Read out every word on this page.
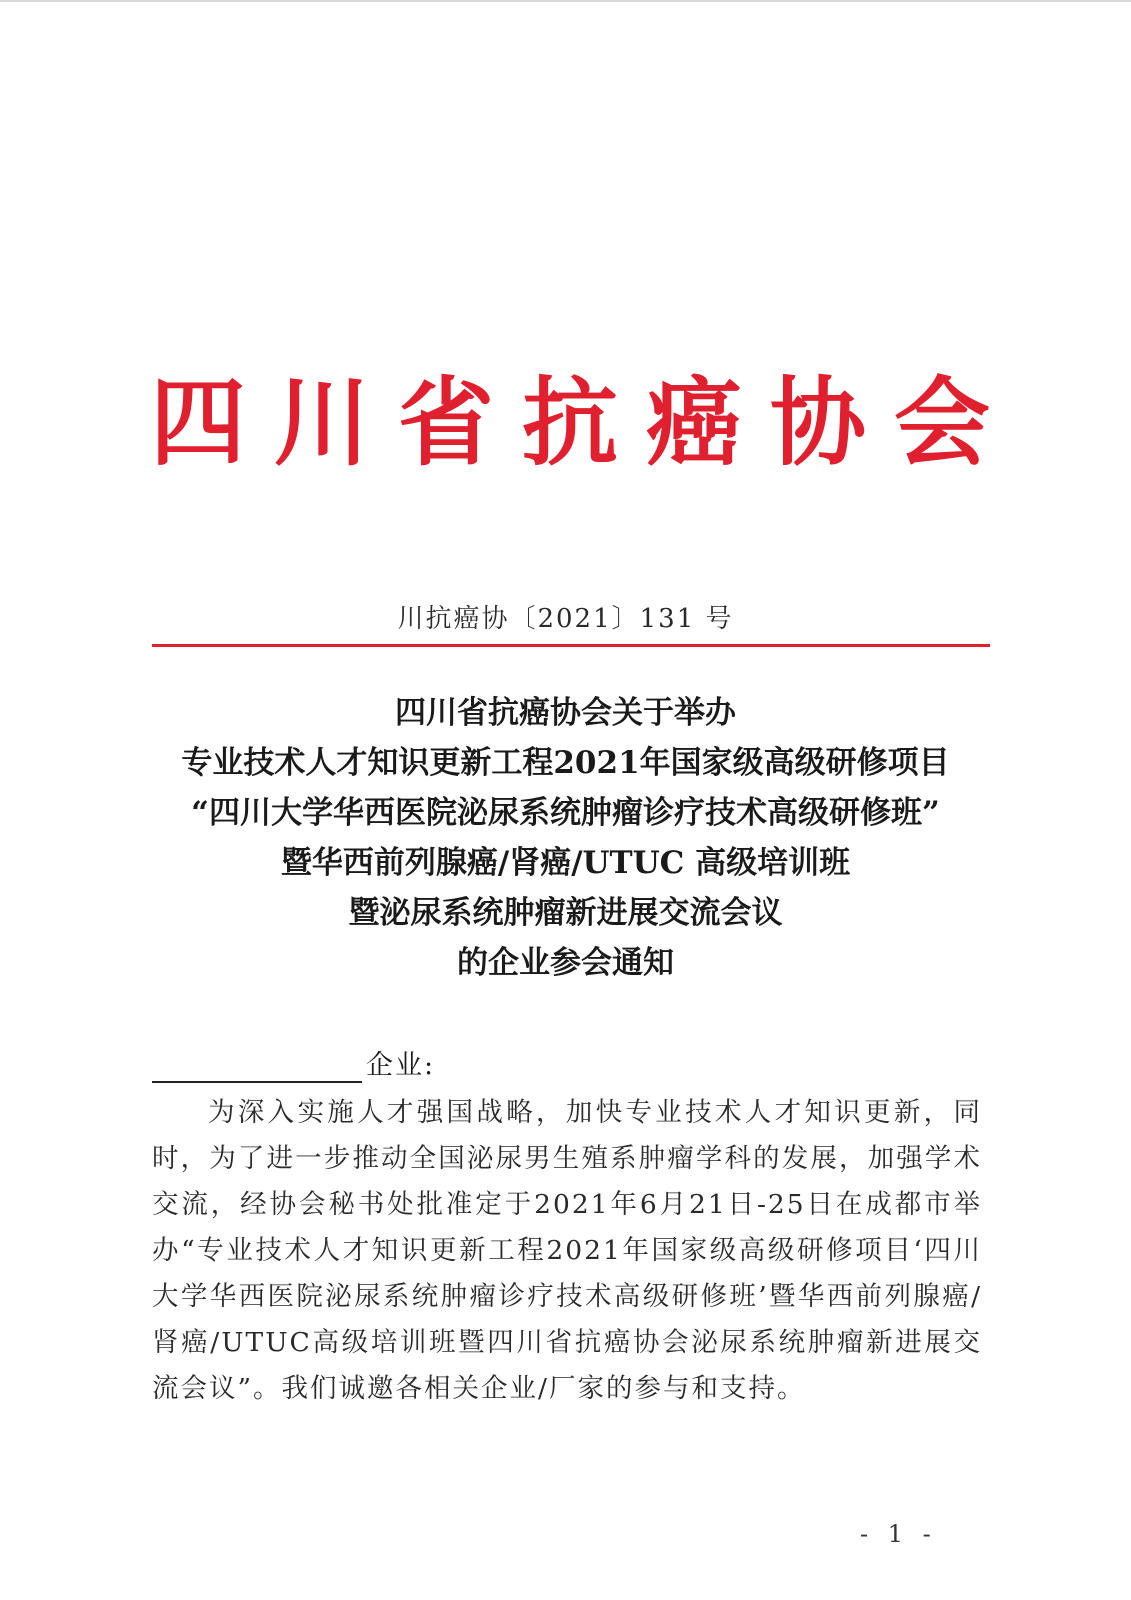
四 川 省 抗 癌 协 会
川抗癌协〔2021〕131 号
四川省抗癌协会关于举办
专业技术人才知识更新工程2021年国家级高级研修项目
“四川大学华西医院泌尿系统肿瘤诊疗技术高级研修班”
暨华西前列腺癌/肾癌/UTUC 高级培训班
暨泌尿系统肿瘤新进展交流会议
的企业参会通知
企业:

为深入实施人才强国战略，加快专业技术人才知识更新，同时，为了进一步推动全国泌尿男生殖系肿瘤学科的发展，加强学术交流，经协会秘书处批准定于2021年6月21日-25日在成都市举办“专业技术人才知识更新工程2021年国家级高级研修项目‘四川大学华西医院泌尿系统肿瘤诊疗技术高级研修班’暨华西前列腺癌/肾癌/UTUC高级培训班暨四川省抗癌协会泌尿系统肿瘤新进展交流会议”。我们诚邀各相关企业/厂家的参与和支持。

- 1 -
